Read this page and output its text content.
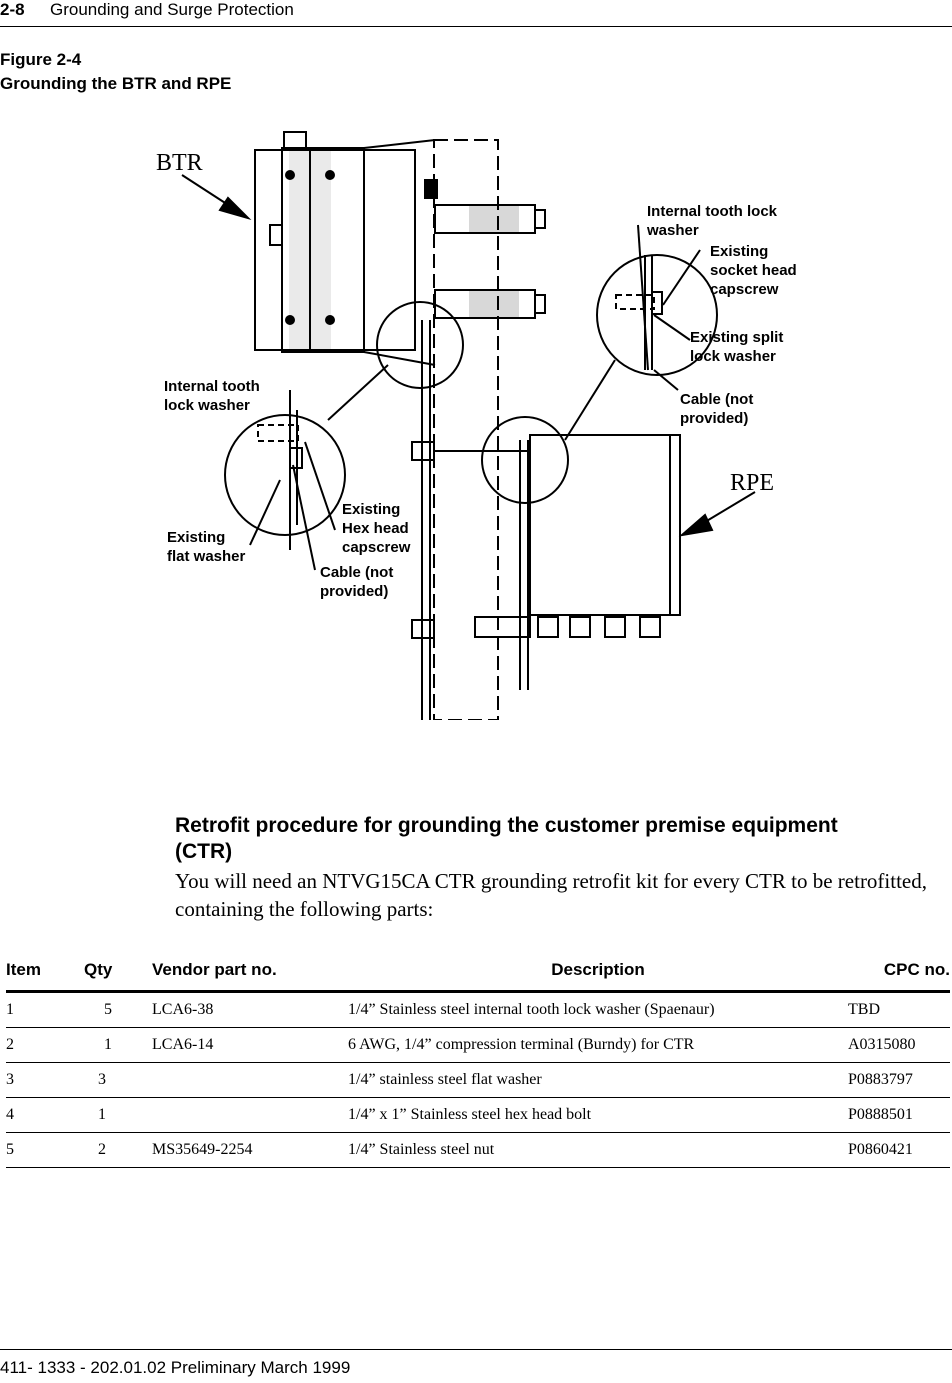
2-8 Grounding and Surge Protection
Figure 2-4
Grounding the BTR and RPE
BTR
RPE
Internal tooth lock
washer
Existing
socket head
capscrew
Existing split
lock washer
Cable (not
provided)
Internal tooth
lock washer
Existing
Hex head
capscrew
Existing
flat washer
Cable (not
provided)
Retrofit procedure for grounding the customer premise equipment (CTR)
You will need an NTVG15CA CTR grounding retrofit kit for every CTR to be retrofitted, containing the following parts:
Item	Qty	Vendor part no.	Description	CPC no.
1	5	LCA6-38	1/4” Stainless steel internal tooth lock washer (Spaenaur)	TBD
2	1	LCA6-14	6 AWG, 1/4” compression terminal (Burndy) for CTR	A0315080
3	3		1/4” stainless steel flat washer	P0883797
4	1		1/4” x 1” Stainless steel hex head bolt	P0888501
5	2	MS35649-2254	1/4” Stainless steel nut	P0860421
411- 1333 - 202.01.02 Preliminary March 1999
